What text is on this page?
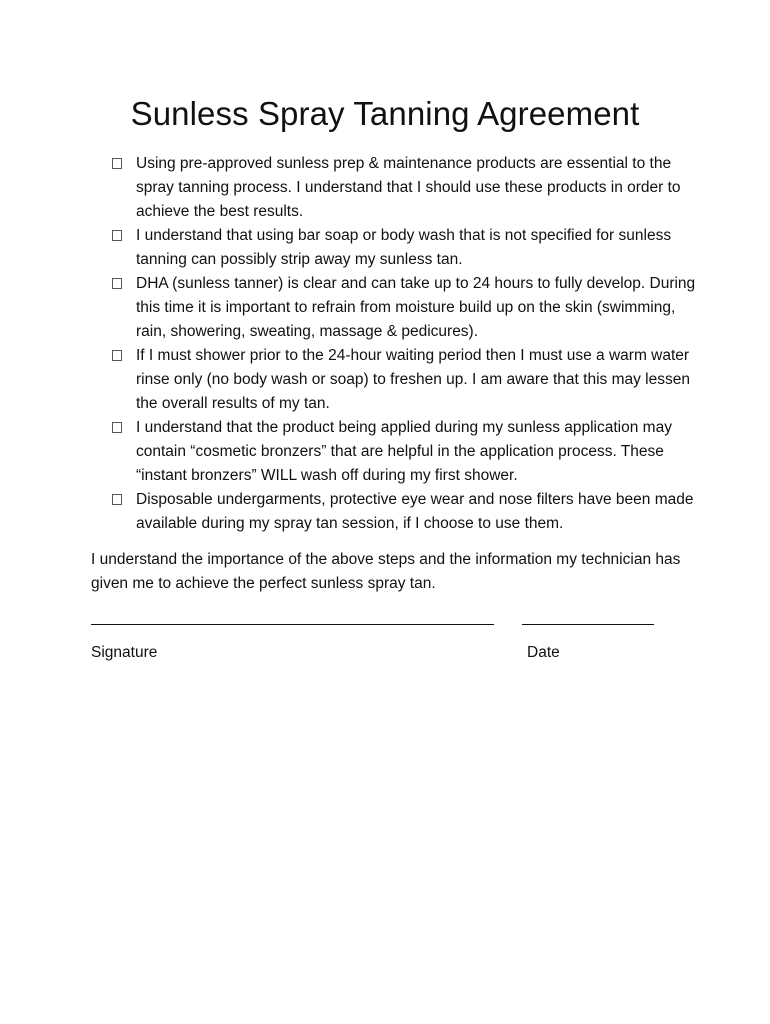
Sunless Spray Tanning Agreement
Using pre-approved sunless prep & maintenance products are essential to the spray tanning process. I understand that I should use these products in order to achieve the best results.
I understand that using bar soap or body wash that is not specified for sunless tanning can possibly strip away my sunless tan.
DHA (sunless tanner) is clear and can take up to 24 hours to fully develop. During this time it is important to refrain from moisture build up on the skin (swimming, rain, showering, sweating, massage & pedicures).
If I must shower prior to the 24-hour waiting period then I must use a warm water rinse only (no body wash or soap) to freshen up. I am aware that this may lessen the overall results of my tan.
I understand that the product being applied during my sunless application may contain “cosmetic bronzers” that are helpful in the application process. These “instant bronzers” WILL wash off during my first shower.
Disposable undergarments, protective eye wear and nose filters have been made available during my spray tan session, if I choose to use them.

I understand the importance of the above steps and the information my technician has given me to achieve the perfect sunless spray tan.

Signature	Date
